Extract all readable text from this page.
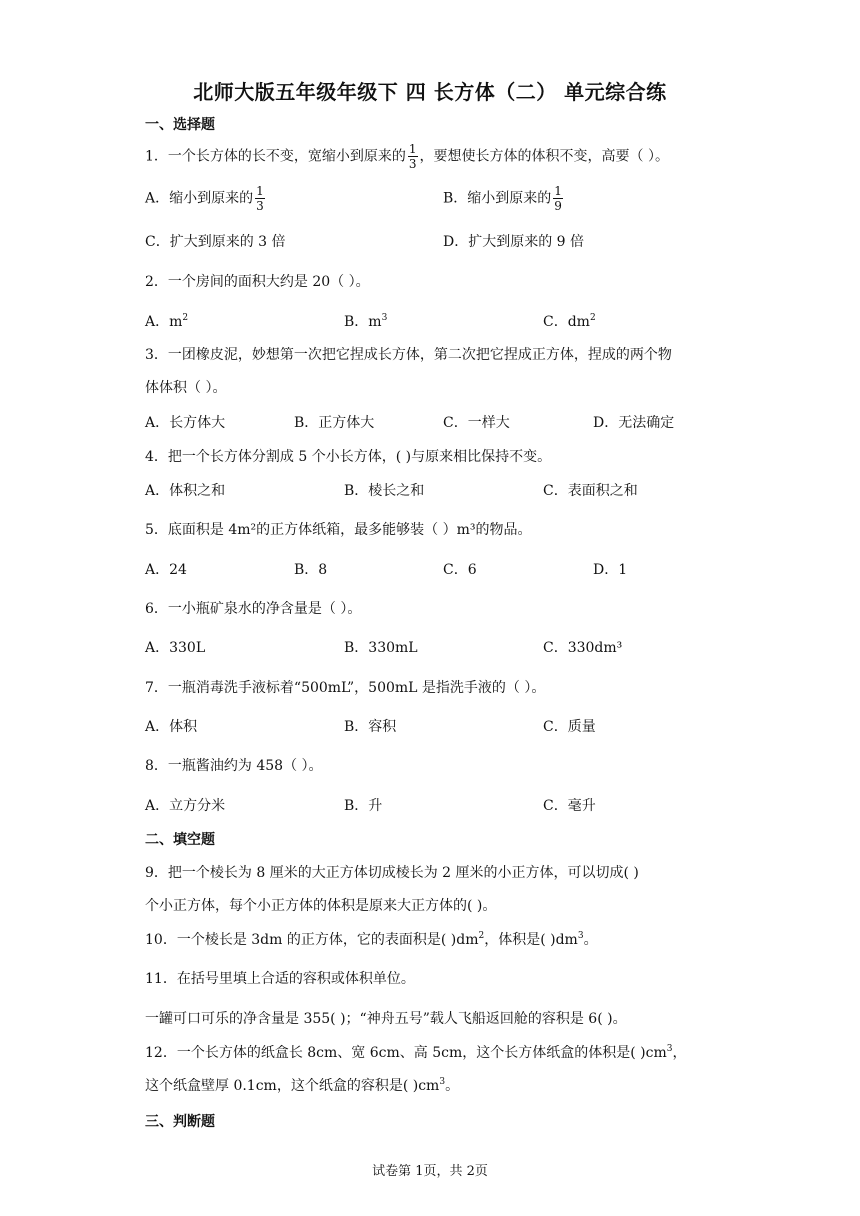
北师大版五年级年级下 四 长方体（二） 单元综合练
一、选择题
1．一个长方体的长不变，宽缩小到原来的 $\frac{1}{3}$ ，要想使长方体的体积不变，高要（ ）。
A．缩小到原来的 $\frac{1}{3}$	B．缩小到原来的 $\frac{1}{9}$
C．扩大到原来的 3 倍	D．扩大到原来的 9 倍
2．一个房间的面积大约是 20（ ）。
A．$m^2$	B．$m^3$	C．$dm^2$
3．一团橡皮泥，妙想第一次把它捏成长方体，第二次把它捏成正方体，捏成的两个物
体体积（ ）。
A．长方体大	B．正方体大	C．一样大	D．无法确定
4．把一个长方体分割成 5 个小长方体，( )与原来相比保持不变。
A．体积之和	B．棱长之和	C．表面积之和
5．底面积是 4m²的正方体纸箱，最多能够装（ ）m³的物品。
A．24	B．8	C．6	D．1
6．一小瓶矿泉水的净含量是（ ）。
A．330L	B．330mL	C．330dm³
7．一瓶消毒洗手液标着“500mL”，500mL 是指洗手液的（ ）。
A．体积	B．容积	C．质量
8．一瓶酱油约为 458（ ）。
A．立方分米	B．升	C．毫升
二、填空题
9．把一个棱长为 8 厘米的大正方体切成棱长为 2 厘米的小正方体，可以切成( )
个小正方体，每个小正方体的体积是原来大正方体的( )。
10．一个棱长是 3dm 的正方体，它的表面积是( )$dm^2$，体积是( )$dm^3$。
11．在括号里填上合适的容积或体积单位。
一罐可口可乐的净含量是 355( )；“神舟五号”载人飞船返回舱的容积是 6( )。
12．一个长方体的纸盒长 8cm、宽 6cm、高 5cm，这个长方体纸盒的体积是( )$cm^3$，
这个纸盒壁厚 0.1cm，这个纸盒的容积是( )$cm^3$。
三、判断题
试卷第 1页，共 2页
